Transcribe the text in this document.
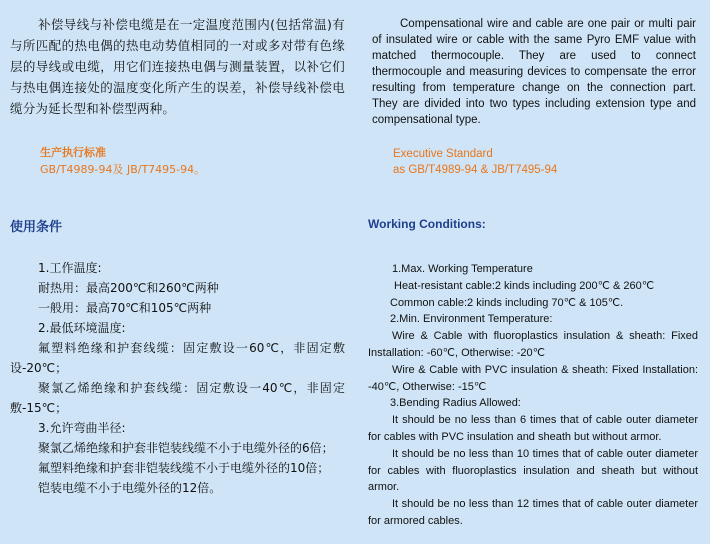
补偿导线与补偿电缆是在一定温度范围内(包括常温)有与所匹配的热电偶的热电动势值相同的一对或多对带有色缘层的导线或电缆，用它们连接热电偶与测量装置，以补它们与热电偶连接处的温度变化所产生的误差，补偿导线补偿电缆分为延长型和补偿型两种。

Compensational wire and cable are one pair or multi pair of insulated wire or cable with the same Pyro EMF value with matched thermocouple. They are used to connect thermocouple and measuring devices to compensate the error resulting from temperature change on the connection part. They are divided into two types including extension type and compensational type.

生产执行标准
GB/T4989-94及 JB/T7495-94。
Executive Standard
as GB/T4989-94 & JB/T7495-94
使用条件	Working Conditions:
1.工作温度:
耐热用：最高200℃和260℃两种
一般用：最高70℃和105℃两种
2.最低环境温度:
氟塑料绝缘和护套线缆：固定敷设一60℃，非固定敷设-20℃；
聚氯乙烯绝缘和护套线缆：固定敷设一40℃，非固定敷-15℃；
3.允许弯曲半径:
聚氯乙烯绝缘和护套非铠装线缆不小于电缆外径的6倍；
氟塑料绝缘和护套非铠装线缆不小于电缆外径的10倍；
铠装电缆不小于电缆外径的12倍。
1.Max. Working Temperature
Heat-resistant cable:2 kinds including 200℃ & 260℃
Common cable:2 kinds including 70℃ & 105℃.
2.Min. Environment Temperature:
Wire & Cable with fluoroplastics insulation & sheath: Fixed Installation: -60℃, Otherwise: -20℃
Wire & Cable with PVC insulation & sheath: Fixed Installation: -40℃, Otherwise: -15℃
3.Bending Radius Allowed:
It should be no less than 6 times that of cable outer diameter for cables with PVC insulation and sheath but without armor.
It should be no less than 10 times that of cable outer diameter for cables with fluoroplastics insulation and sheath but without armor.
It should be no less than 12 times that of cable outer diameter for armored cables.
